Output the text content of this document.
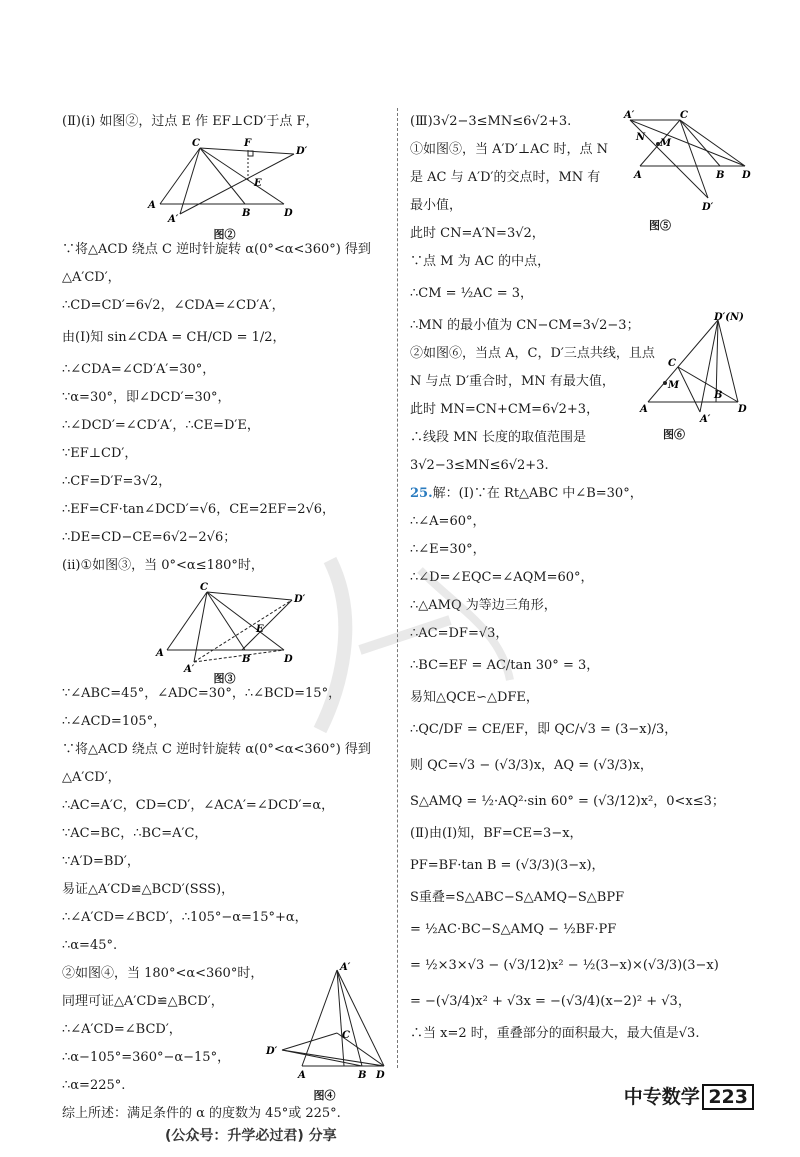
(Ⅱ)(ⅰ) 如图②，过点 E 作 EF⊥CD′于点 F，
C	F
D′
E
A
B	D
A′
图②
∵将△ACD 绕点 C 逆时针旋转 α(0°<α<360°) 得到
△A′CD′，
∴CD=CD′=6√2，∠CDA=∠CD′A′，
由(Ⅰ)知 sin∠CDA = CH/CD = 1/2，
∴∠CDA=∠CD′A′=30°，
∵α=30°，即∠DCD′=30°，
∴∠DCD′=∠CD′A′，∴CE=D′E，
∵EF⊥CD′，
∴CF=D′F=3√2，
∴EF=CF·tan∠DCD′=√6，CE=2EF=2√6，
∴DE=CD−CE=6√2−2√6；
(ⅱ)①如图③，当 0°<α≤180°时，
C
D′
E
A
B	D
A′
图③
∵∠ABC=45°，∠ADC=30°，∴∠BCD=15°，
∴∠ACD=105°，
∵将△ACD 绕点 C 逆时针旋转 α(0°<α<360°) 得到
△A′CD′，
∴AC=A′C，CD=CD′，∠ACA′=∠DCD′=α，
∵AC=BC，∴BC=A′C，
∵A′D=BD′，
易证△A′CD≌△BCD′(SSS)，
∴∠A′CD=∠BCD′，∴105°−α=15°+α，
∴α=45°.
②如图④，当 180°<α<360°时，
同理可证△A′CD≌△BCD′，
∴∠A′CD=∠BCD′，
∴α−105°=360°−α−15°，
∴α=225°.
A′
C
D′
A	B D
图④
综上所述：满足条件的 α 的度数为 45°或 225°.
(Ⅲ)3√2−3≤MN≤6√2+3.
①如图⑤，当 A′D′⊥AC 时，点 N
是 AC 与 A′D′的交点时，MN 有
最小值，
此时 CN=A′N=3√2，
∵点 M 为 AC 的中点，
∴CM = ½AC = 3，
A′	C
N
M
A	B D
D′
图⑤
∴MN 的最小值为 CN−CM=3√2−3；
②如图⑥，当点 A，C，D′三点共线，且点
N 与点 D′重合时，MN 有最大值，
此时 MN=CN+CM=6√2+3，
∴线段 MN 长度的取值范围是
3√2−3≤MN≤6√2+3.
D′(N)
C
M
A
B
A′
D
图⑥
25.解：(Ⅰ)∵在 Rt△ABC 中∠B=30°，
∴∠A=60°，
∴∠E=30°，
∴∠D=∠EQC=∠AQM=60°，
∴△AMQ 为等边三角形，
∴AC=DF=√3，
∴BC=EF = AC/tan 30° = 3，
易知△QCE∽△DFE，
∴QC/DF = CE/EF，即 QC/√3 = (3−x)/3，
则 QC=√3 − (√3/3)x，AQ = (√3/3)x，
S△AMQ = ½·AQ²·sin 60° = (√3/12)x²，0<x≤3；
(Ⅱ)由(Ⅰ)知，BF=CE=3−x，
PF=BF·tan B = (√3/3)(3−x)，
S重叠=S△ABC−S△AMQ−S△BPF
= ½AC·BC−S△AMQ − ½BF·PF
= ½×3×√3 − (√3/12)x² − ½(3−x)×(√3/3)(3−x)
= −(√3/4)x² + √3x = −(√3/4)(x−2)² + √3，
∴当 x=2 时，重叠部分的面积最大，最大值是√3.
中专数学 223
(公众号：升学必过君) 分享
